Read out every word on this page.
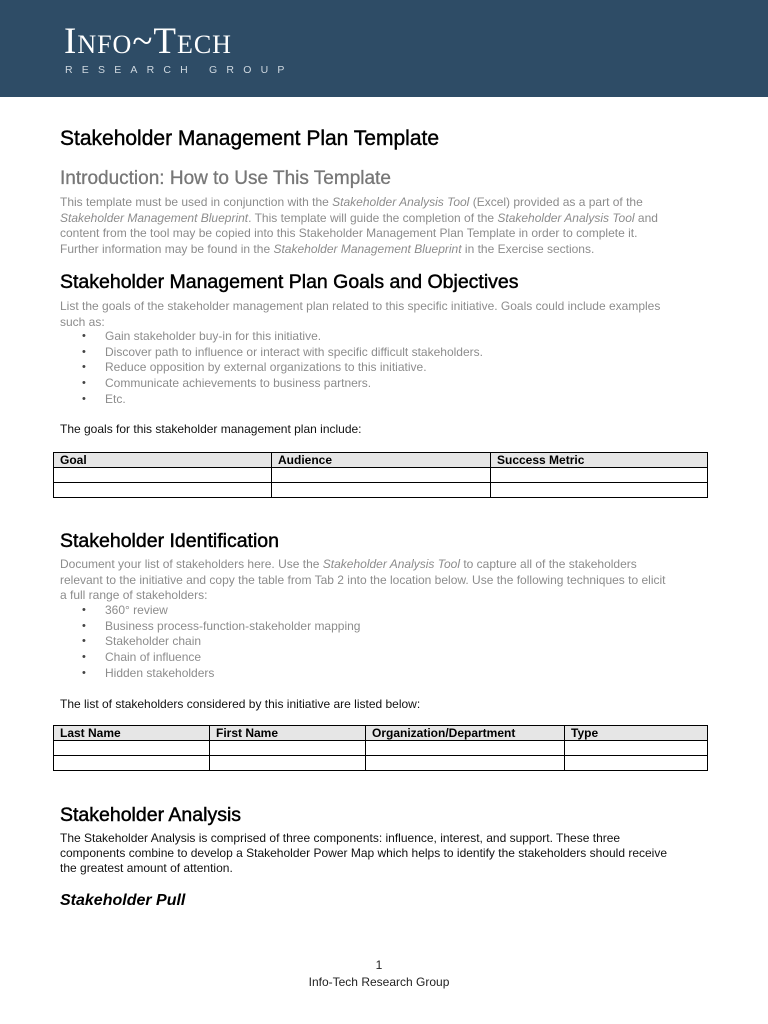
Info~Tech
RESEARCH GROUP
Stakeholder Management Plan Template
Introduction: How to Use This Template
This template must be used in conjunction with the Stakeholder Analysis Tool (Excel) provided as a part of the
Stakeholder Management Blueprint. This template will guide the completion of the Stakeholder Analysis Tool and
content from the tool may be copied into this Stakeholder Management Plan Template in order to complete it.
Further information may be found in the Stakeholder Management Blueprint in the Exercise sections.
Stakeholder Management Plan Goals and Objectives
List the goals of the stakeholder management plan related to this specific initiative. Goals could include examples
such as:
• Gain stakeholder buy-in for this initiative.
• Discover path to influence or interact with specific difficult stakeholders.
• Reduce opposition by external organizations to this initiative.
• Communicate achievements to business partners.
• Etc.
The goals for this stakeholder management plan include:
Goal	Audience	Success Metric

Stakeholder Identification
Document your list of stakeholders here. Use the Stakeholder Analysis Tool to capture all of the stakeholders
relevant to the initiative and copy the table from Tab 2 into the location below. Use the following techniques to elicit
a full range of stakeholders:
• 360° review
• Business process-function-stakeholder mapping
• Stakeholder chain
• Chain of influence
• Hidden stakeholders
The list of stakeholders considered by this initiative are listed below:
Last Name	First Name	Organization/Department	Type

Stakeholder Analysis
The Stakeholder Analysis is comprised of three components: influence, interest, and support. These three
components combine to develop a Stakeholder Power Map which helps to identify the stakeholders should receive
the greatest amount of attention.
Stakeholder Pull
1
Info-Tech Research Group
